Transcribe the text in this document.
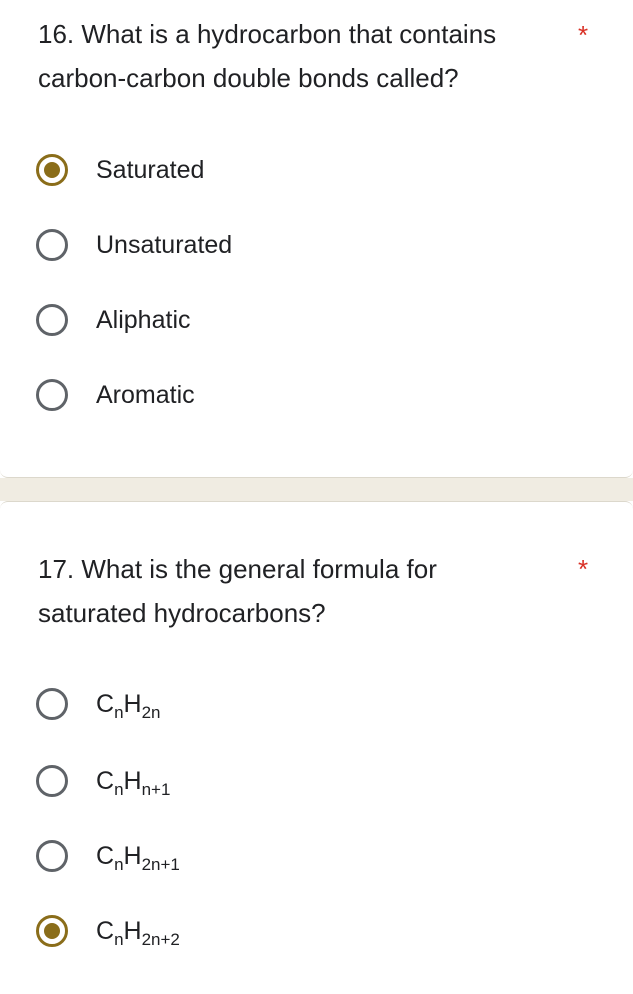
16. What is a hydrocarbon that contains carbon-carbon double bonds called?
*
Saturated
Unsaturated
Aliphatic
Aromatic
17. What is the general formula for saturated hydrocarbons?
*
$C_nH_{2n}$
$C_nH_{n+1}$
$C_nH_{2n+1}$
$C_nH_{2n+2}$
